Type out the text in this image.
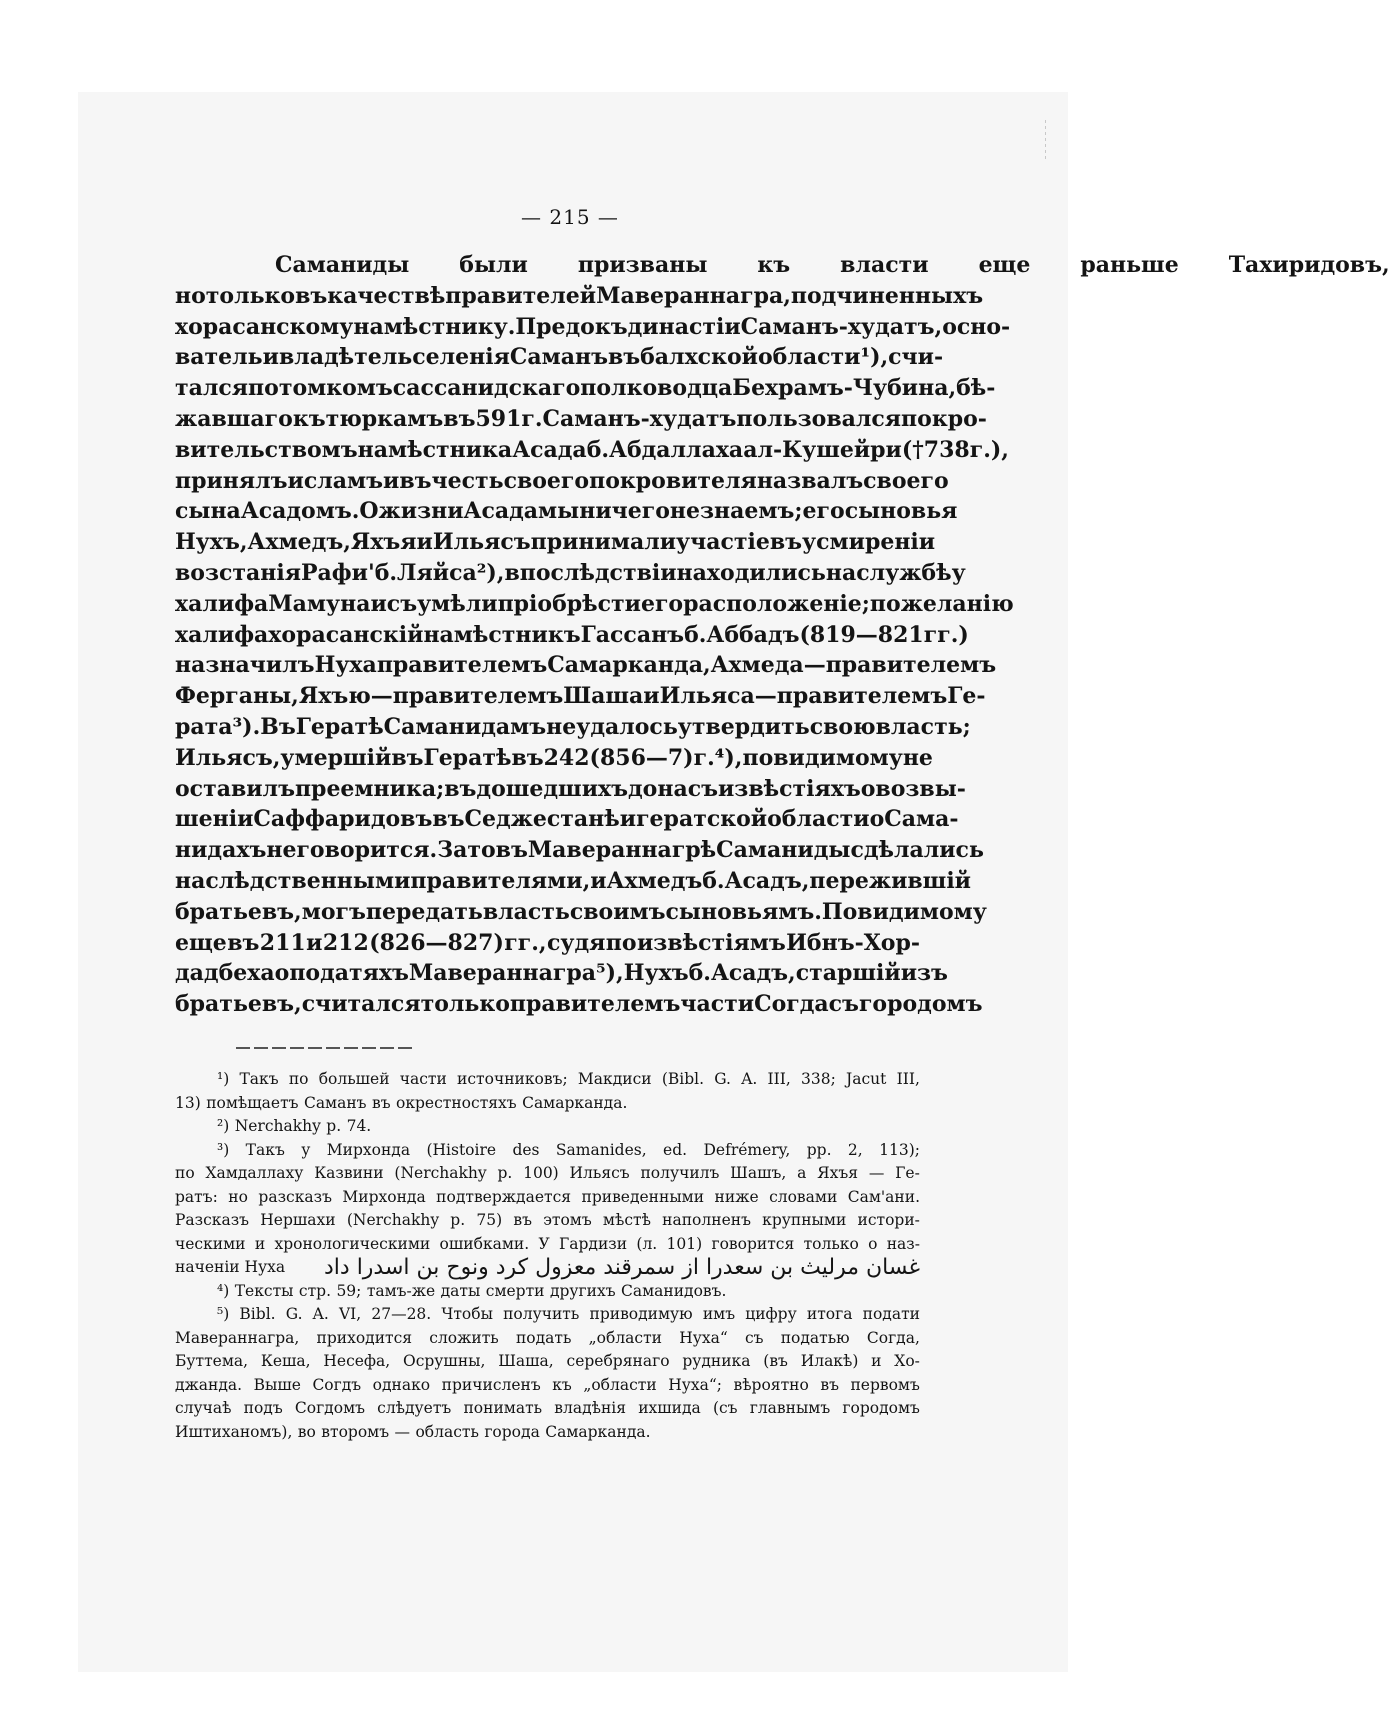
— 215 —
Саманиды	были	призваны	къ	власти	еще	раньше	Тахиридовъ,
но только въ качествѣ правителей Мавераннагра, подчиненныхъ
хорасанскому намѣстнику. Предокъ династіи Саманъ-худатъ, осно-
ватель и владѣтель селенія Саманъ въ балхской области ¹), счи-
тался потомкомъ сассанидскаго полководца Бехрамъ-Чубина, бѣ-
жавшаго къ тюркамъ въ 591 г. Саманъ-худатъ пользовался покро-
вительствомъ намѣстника Асада б. Абдаллаха ал-Кушейри († 738 г.),
принялъ исламъ и въ честь своего покровителя назвалъ своего
сына Асадомъ. О жизни Асада мы ничего не знаемъ; его сыновья
Нухъ, Ахмедъ, Яхъя и Ильясъ принимали участіе въ усмиреніи
возстанія Рафи' б. Ляйса ²), впослѣдствіи находились на службѣ у
халифа Мамуна и съумѣли пріобрѣсти его расположеніе; по желанію
халифа хорасанскій намѣстникъ Гассанъ б. Аббадъ (819—821 гг.)
назначилъ Нуха правителемъ Самарканда, Ахмеда — правителемъ
Ферганы, Яхъю — правителемъ Шаша и Ильяса — правителемъ Ге-
рата ³). Въ Гератѣ Саманидамъ не удалось утвердить свою власть;
Ильясъ, умершій въ Гератѣ въ 242 (856—7) г. ⁴), повидимому не
оставилъ преемника; въ дошедшихъ до насъ извѣстіяхъ о возвы-
шеніи Саффаридовъ въ Седжестанѣ и гератской области о Сама-
нидахъ не говорится. За то въ Мавераннагрѣ Саманиды сдѣлались
наслѣдственными правителями, и Ахмедъ б. Асадъ, пережившій
братьевъ, могъ передать власть своимъ сыновьямъ. Повидимому
еще въ 211 и 212 (826—827) гг., судя по извѣстіямъ Ибнъ-Хор-
дадбеха о податяхъ Мавераннагра ⁵), Нухъ б. Асадъ, старшій изъ
братьевъ, считался только правителемъ части Согда съ городомъ
¹) Такъ по большей части источниковъ; Макдиси (Bibl. G. A. III, 338; Jacut III,
13) помѣщаетъ Саманъ въ окрестностяхъ Самарканда.
²) Nerchakhy p. 74.
³) Такъ у Мирхонда (Histoire des Samanides, ed. Defrémery, pp. 2, 113);
по Хамдаллаху Казвини (Nerchakhy p. 100) Ильясъ получилъ Шашъ, а Яхъя — Ге-
ратъ: но разсказъ Мирхонда подтверждается приведенными ниже словами Сам'ани.
Разсказъ Нершахи (Nerchakhy p. 75) въ этомъ мѣстѣ наполненъ крупными истори-
ческими и хронологическими ошибками. У Гардизи (л. 101) говорится только о наз-
наченіи Нуха غسان مرليث بن سعدرا از سمرقند معزول كرد ونوح بن اسدرا داد
⁴) Тексты стр. 59; тамъ-же даты смерти другихъ Саманидовъ.
⁵) Bibl. G. A. VI, 27—28. Чтобы получить приводимую имъ цифру итога подати
Мавераннагра, приходится сложить подать „области Нуха“ съ податью Согда,
Буттема, Кеша, Несефа, Осрушны, Шаша, серебрянаго рудника (въ Илакѣ) и Хо-
джанда. Выше Согдъ однако причисленъ къ „области Нуха“; вѣроятно въ первомъ
случаѣ подъ Согдомъ слѣдуетъ понимать владѣнія ихшида (съ главнымъ городомъ
Иштиханомъ), во второмъ — область города Самарканда.
